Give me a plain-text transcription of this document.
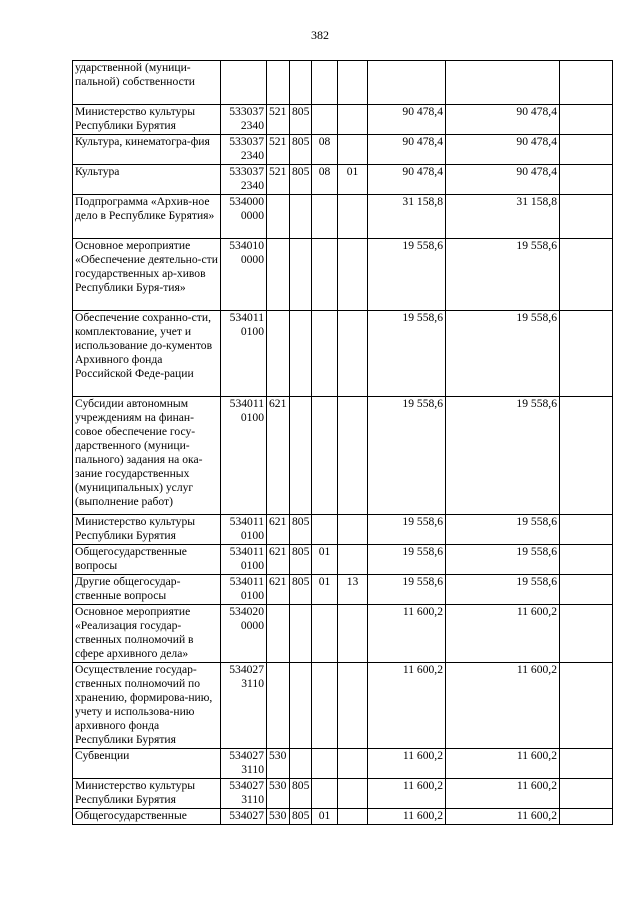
382
ударственной (муници-пальной) собственности								
Министерство культуры Республики Бурятия	533037 2340	521	805			90 478,4	90 478,4	
Культура, кинематогра-фия	533037 2340	521	805	08		90 478,4	90 478,4	
Культура	533037 2340	521	805	08	01	90 478,4	90 478,4	
Подпрограмма «Архив-ное дело в Республике Бурятия»	534000 0000					31 158,8	31 158,8	
Основное мероприятие «Обеспечение деятельно-сти государственных ар-хивов Республики Буря-тия»	534010 0000					19 558,6	19 558,6	
Обеспечение сохранно-сти, комплектование, учет и использование до-кументов Архивного фонда Российской Феде-рации	534011 0100					19 558,6	19 558,6	
Субсидии автономным учреждениям на финан-совое обеспечение госу-дарственного (муници-пального) задания на ока-зание государственных (муниципальных) услуг (выполнение работ)	534011 0100	621				19 558,6	19 558,6	
Министерство культуры Республики Бурятия	534011 0100	621	805			19 558,6	19 558,6	
Общегосударственные вопросы	534011 0100	621	805	01		19 558,6	19 558,6	
Другие общегосудар-ственные вопросы	534011 0100	621	805	01	13	19 558,6	19 558,6	
Основное мероприятие «Реализация государ-ственных полномочий в сфере архивного дела»	534020 0000					11 600,2	11 600,2	
Осуществление государ-ственных полномочий по хранению, формирова-нию, учету и использова-нию архивного фонда Республики Бурятия	534027 3110					11 600,2	11 600,2	
Субвенции	534027 3110	530				11 600,2	11 600,2	
Министерство культуры Республики Бурятия	534027 3110	530	805			11 600,2	11 600,2	
Общегосударственные	534027	530	805	01		11 600,2	11 600,2	
